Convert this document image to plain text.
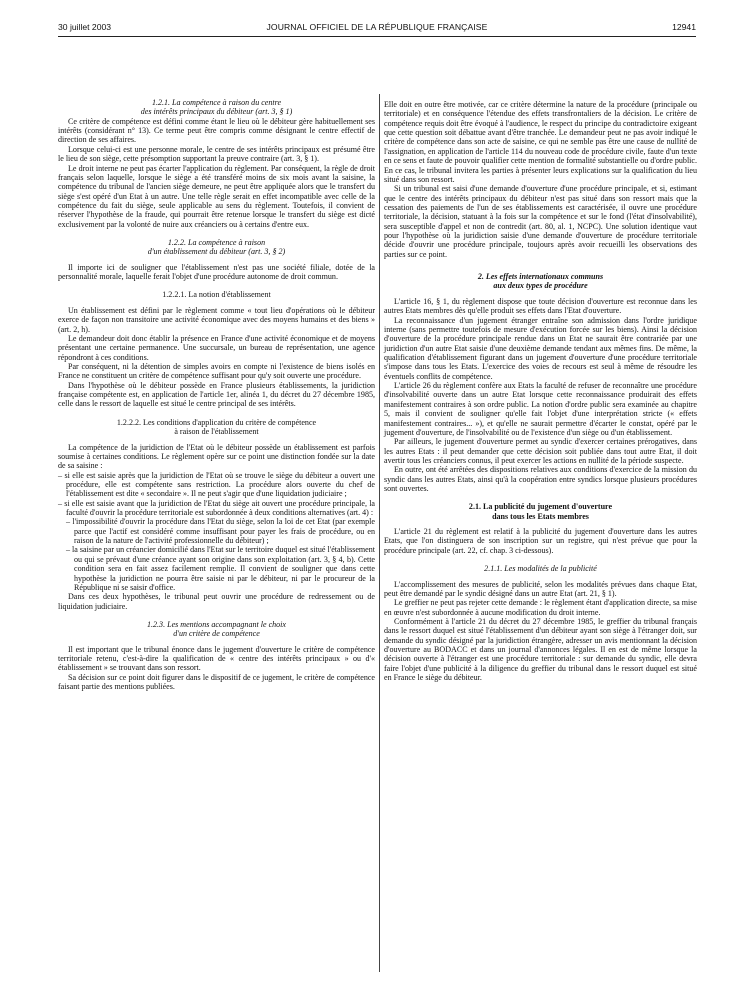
30 juillet 2003	JOURNAL OFFICIEL DE LA RÉPUBLIQUE FRANÇAISE	12941
1.2.1. La compétence à raison du centre
des intérêts principaux du débiteur (art. 3, § 1)

Ce critère de compétence est défini comme étant le lieu où le débiteur gère habituellement ses intérêts (considérant n° 13). Ce terme peut être compris comme désignant le centre effectif de direction de ses affaires.

Lorsque celui-ci est une personne morale, le centre de ses intérêts principaux est présumé être le lieu de son siège, cette présomption supportant la preuve contraire (art. 3, § 1).

Le droit interne ne peut pas écarter l'application du règlement. Par conséquent, la règle de droit français selon laquelle, lorsque le siège a été transféré moins de six mois avant la saisine, la compétence du tribunal de l'ancien siège demeure, ne peut être appliquée alors que le transfert du siège s'est opéré d'un Etat à un autre. Une telle règle serait en effet incompatible avec celle de la compétence du fait du siège, seule applicable au sens du règlement. Toutefois, il convient de réserver l'hypothèse de la fraude, qui pourrait être retenue lorsque le transfert du siège est dicté exclusivement par la volonté de nuire aux créanciers ou à certains d'entre eux.

1.2.2. La compétence à raison
d'un établissement du débiteur (art. 3, § 2)

Il importe ici de souligner que l'établissement n'est pas une société filiale, dotée de la personnalité morale, laquelle ferait l'objet d'une procédure autonome de droit commun.

1.2.2.1. La notion d'établissement

Un établissement est défini par le règlement comme « tout lieu d'opérations où le débiteur exerce de façon non transitoire une activité économique avec des moyens humains et des biens » (art. 2, h).

Le demandeur doit donc établir la présence en France d'une activité économique et de moyens présentant une certaine permanence. Une succursale, un bureau de représentation, une agence répondront à ces conditions.

Par conséquent, ni la détention de simples avoirs en compte ni l'existence de biens isolés en France ne constituent un critère de compétence suffisant pour qu'y soit ouverte une procédure.

Dans l'hypothèse où le débiteur possède en France plusieurs établissements, la juridiction française compétente est, en application de l'article 1er, alinéa 1, du décret du 27 décembre 1985, celle dans le ressort de laquelle est situé le centre principal de ses intérêts.

1.2.2.2. Les conditions d'application du critère de compétence
à raison de l'établissement

La compétence de la juridiction de l'Etat où le débiteur possède un établissement est parfois soumise à certaines conditions. Le règlement opère sur ce point une distinction fondée sur la date de sa saisine :

– si elle est saisie après que la juridiction de l'Etat où se trouve le siège du débiteur a ouvert une procédure, elle est compétente sans restriction. La procédure alors ouverte du chef de l'établissement est dite « secondaire ». Il ne peut s'agir que d'une liquidation judiciaire ;

– si elle est saisie avant que la juridiction de l'Etat du siège ait ouvert une procédure principale, la faculté d'ouvrir la procédure territoriale est subordonnée à deux conditions alternatives (art. 4) :

– l'impossibilité d'ouvrir la procédure dans l'Etat du siège, selon la loi de cet Etat (par exemple parce que l'actif est considéré comme insuffisant pour payer les frais de procédure, ou en raison de la nature de l'activité professionnelle du débiteur) ;

– la saisine par un créancier domicilié dans l'Etat sur le territoire duquel est situé l'établissement ou qui se prévaut d'une créance ayant son origine dans son exploitation (art. 3, § 4, b). Cette condition sera en fait assez facilement remplie. Il convient de souligner que dans cette hypothèse la juridiction ne pourra être saisie ni par le débiteur, ni par le procureur de la République ni se saisir d'office.

Dans ces deux hypothèses, le tribunal peut ouvrir une procédure de redressement ou de liquidation judiciaire.

1.2.3. Les mentions accompagnant le choix
d'un critère de compétence

Il est important que le tribunal énonce dans le jugement d'ouverture le critère de compétence territoriale retenu, c'est-à-dire la qualification de « centre des intérêts principaux » ou d'« établissement » se trouvant dans son ressort.

Sa décision sur ce point doit figurer dans le dispositif de ce jugement, le critère de compétence faisant partie des mentions publiées.

Elle doit en outre être motivée, car ce critère détermine la nature de la procédure (principale ou territoriale) et en conséquence l'étendue des effets transfrontaliers de la décision. Le critère de compétence requis doit être évoqué à l'audience, le respect du principe du contradictoire exigeant que cette question soit débattue avant d'être tranchée. Le demandeur peut ne pas avoir indiqué le critère de compétence dans son acte de saisine, ce qui ne semble pas être une cause de nullité de l'assignation, en application de l'article 114 du nouveau code de procédure civile, faute d'un texte en ce sens et faute de pouvoir qualifier cette mention de formalité substantielle ou d'ordre public. En ce cas, le tribunal invitera les parties à présenter leurs explications sur la qualification du lieu situé dans son ressort.

Si un tribunal est saisi d'une demande d'ouverture d'une procédure principale, et si, estimant que le centre des intérêts principaux du débiteur n'est pas situé dans son ressort mais que la cessation des paiements de l'un de ses établissements est caractérisée, il ouvre une procédure territoriale, la décision, statuant à la fois sur la compétence et sur le fond (l'état d'insolvabilité), sera susceptible d'appel et non de contredit (art. 80, al. 1, NCPC). Une solution identique vaut pour l'hypothèse où la juridiction saisie d'une demande d'ouverture de procédure territoriale décide d'ouvrir une procédure principale, toujours après avoir recueilli les observations des parties sur ce point.

2. Les effets internationaux communs
aux deux types de procédure

L'article 16, § 1, du règlement dispose que toute décision d'ouverture est reconnue dans les autres Etats membres dès qu'elle produit ses effets dans l'Etat d'ouverture.

La reconnaissance d'un jugement étranger entraîne son admission dans l'ordre juridique interne (sans permettre toutefois de mesure d'exécution forcée sur les biens). Ainsi la décision d'ouverture de la procédure principale rendue dans un Etat ne saurait être contrariée par une juridiction d'un autre Etat saisie d'une deuxième demande tendant aux mêmes fins. De même, la qualification d'établissement figurant dans un jugement d'ouverture d'une procédure territoriale s'impose dans tous les Etats. L'exercice des voies de recours est seul à même de résoudre les éventuels conflits de compétence.

L'article 26 du règlement confère aux Etats la faculté de refuser de reconnaître une procédure d'insolvabilité ouverte dans un autre Etat lorsque cette reconnaissance produirait des effets manifestement contraires à son ordre public. La notion d'ordre public sera examinée au chapitre 5, mais il convient de souligner qu'elle fait l'objet d'une interprétation stricte (« effets manifestement contraires... »), et qu'elle ne saurait permettre d'écarter le constat, opéré par le jugement d'ouverture, de l'insolvabilité ou de l'existence d'un siège ou d'un établissement.

Par ailleurs, le jugement d'ouverture permet au syndic d'exercer certaines prérogatives, dans les autres Etats : il peut demander que cette décision soit publiée dans tout autre Etat, il doit avertir tous les créanciers connus, il peut exercer les actions en nullité de la période suspecte.

En outre, ont été arrêtées des dispositions relatives aux conditions d'exercice de la mission du syndic dans les autres Etats, ainsi qu'à la coopération entre syndics lorsque plusieurs procédures sont ouvertes.

2.1. La publicité du jugement d'ouverture
dans tous les Etats membres

L'article 21 du règlement est relatif à la publicité du jugement d'ouverture dans les autres Etats, que l'on distinguera de son inscription sur un registre, qui n'est prévue que pour la procédure principale (art. 22, cf. chap. 3 ci-dessous).

2.1.1. Les modalités de la publicité

L'accomplissement des mesures de publicité, selon les modalités prévues dans chaque Etat, peut être demandé par le syndic désigné dans un autre Etat (art. 21, § 1).

Le greffier ne peut pas rejeter cette demande : le règlement étant d'application directe, sa mise en œuvre n'est subordonnée à aucune modification du droit interne.

Conformément à l'article 21 du décret du 27 décembre 1985, le greffier du tribunal français dans le ressort duquel est situé l'établissement d'un débiteur ayant son siège à l'étranger doit, sur demande du syndic désigné par la juridiction étrangère, adresser un avis mentionnant la décision d'ouverture au BODACC et dans un journal d'annonces légales. Il en est de même lorsque la décision ouverte à l'étranger est une procédure territoriale : sur demande du syndic, elle devra faire l'objet d'une publicité à la diligence du greffier du tribunal dans le ressort duquel est situé en France le siège du débiteur.
